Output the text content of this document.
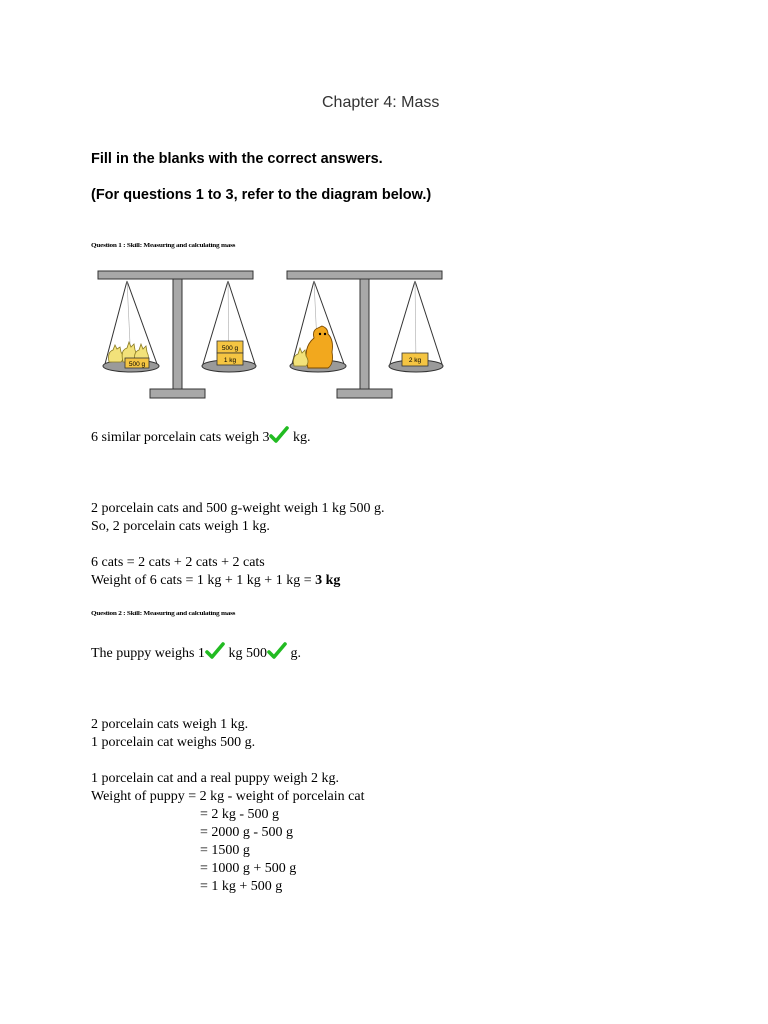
Chapter 4: Mass
Fill in the blanks with the correct answers.
(For questions 1 to 3, refer to the diagram below.)
Question 1 : Skill: Measuring and calculating mass
500 g
500 g
1 kg	2 kg
6 similar porcelain cats weigh 3 kg.
2 porcelain cats and 500 g-weight weigh 1 kg 500 g.
So, 2 porcelain cats weigh 1 kg.
6 cats = 2 cats + 2 cats + 2 cats
Weight of 6 cats = 1 kg + 1 kg + 1 kg = 3 kg
Question 2 : Skill: Measuring and calculating mass
The puppy weighs 1 kg 500 g.
2 porcelain cats weigh 1 kg.
1 porcelain cat weighs 500 g.
1 porcelain cat and a real puppy weigh 2 kg.
Weight of puppy = 2 kg - weight of porcelain cat
= 2 kg - 500 g
= 2000 g - 500 g
= 1500 g
= 1000 g + 500 g
= 1 kg + 500 g
